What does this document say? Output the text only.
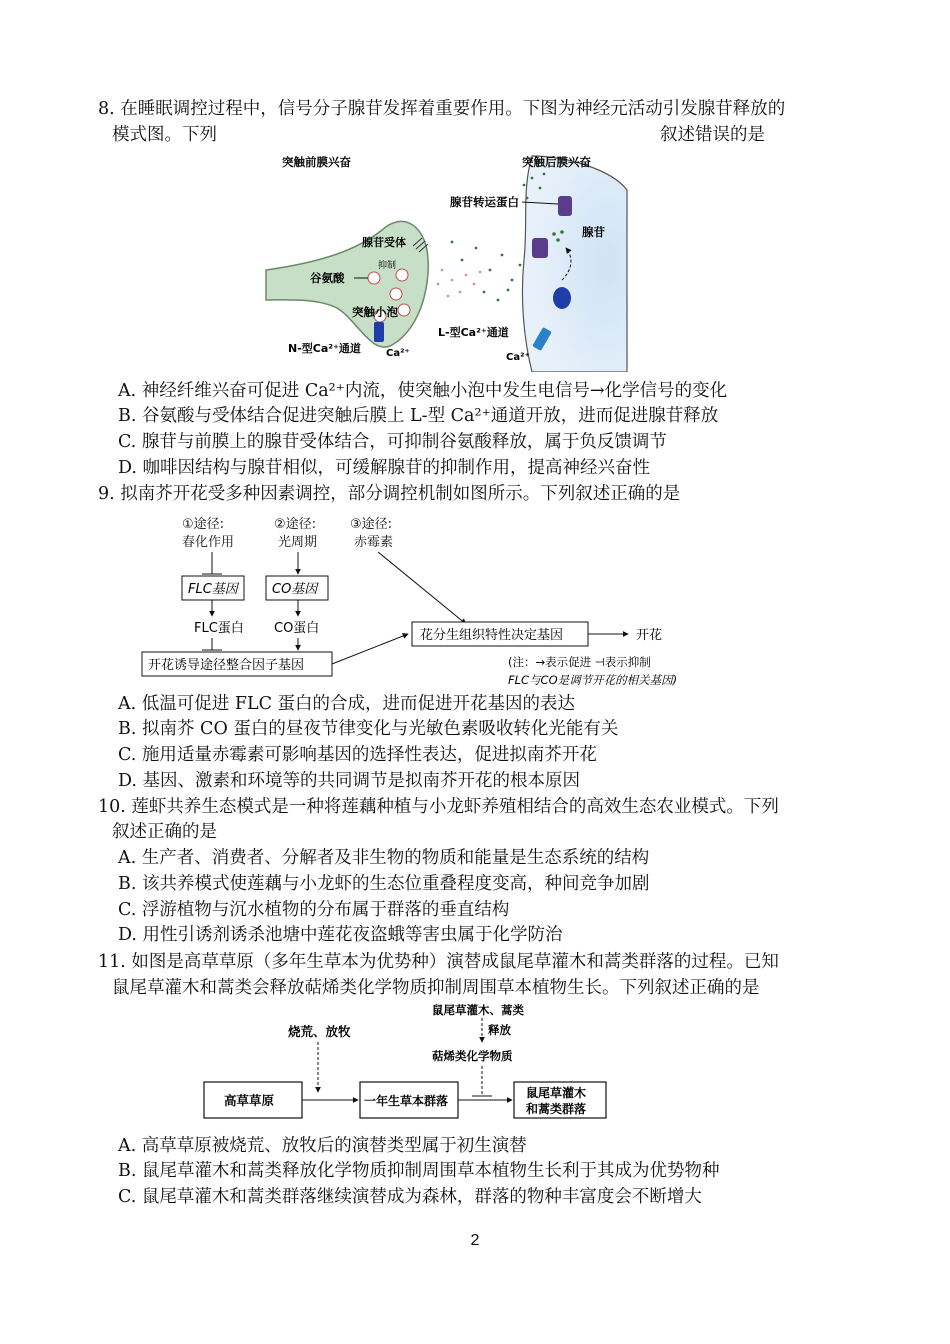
8. 在睡眠调控过程中，信号分子腺苷发挥着重要作用。下图为神经元活动引发腺苷释放的
模式图。下列	叙述错误的是
突触前膜兴奋	突触后膜兴奋
腺苷转运蛋白
腺苷
腺苷受体
抑制
谷氨酸
突触小泡
N-型Ca²⁺通道	Ca²⁺
L-型Ca²⁺通道
Ca²⁺
A. 神经纤维兴奋可促进 Ca²⁺内流，使突触小泡中发生电信号→化学信号的变化
B. 谷氨酸与受体结合促进突触后膜上 L-型 Ca²⁺通道开放，进而促进腺苷释放
C. 腺苷与前膜上的腺苷受体结合，可抑制谷氨酸释放，属于负反馈调节
D. 咖啡因结构与腺苷相似，可缓解腺苷的抑制作用，提高神经兴奋性
9. 拟南芥开花受多种因素调控，部分调控机制如图所示。下列叙述正确的是
①途径:
春化作用
②途径:
光周期
③途径:
赤霉素
FLC基因	CO基因
FLC蛋白 CO蛋白
开花诱导途径整合因子基因
花分生组织特性决定基因	开花
(注：→表示促进 ⊣表示抑制
FLC与CO是调节开花的相关基因)
A. 低温可促进 FLC 蛋白的合成，进而促进开花基因的表达
B. 拟南芥 CO 蛋白的昼夜节律变化与光敏色素吸收转化光能有关
C. 施用适量赤霉素可影响基因的选择性表达，促进拟南芥开花
D. 基因、激素和环境等的共同调节是拟南芥开花的根本原因
10. 莲虾共养生态模式是一种将莲藕种植与小龙虾养殖相结合的高效生态农业模式。下列
叙述正确的是
A. 生产者、消费者、分解者及非生物的物质和能量是生态系统的结构
B. 该共养模式使莲藕与小龙虾的生态位重叠程度变高，种间竞争加剧
C. 浮游植物与沉水植物的分布属于群落的垂直结构
D. 用性引诱剂诱杀池塘中莲花夜盗蛾等害虫属于化学防治
11. 如图是高草草原（多年生草本为优势种）演替成鼠尾草灌木和蒿类群落的过程。已知
鼠尾草灌木和蒿类会释放萜烯类化学物质抑制周围草本植物生长。下列叙述正确的是
鼠尾草灌木、蒿类
释放
萜烯类化学物质
烧荒、放牧
高草草原	一年生草本群落
鼠尾草灌木
和蒿类群落
A. 高草草原被烧荒、放牧后的演替类型属于初生演替
B. 鼠尾草灌木和蒿类释放化学物质抑制周围草本植物生长利于其成为优势物种
C. 鼠尾草灌木和蒿类群落继续演替成为森林，群落的物种丰富度会不断增大
2
